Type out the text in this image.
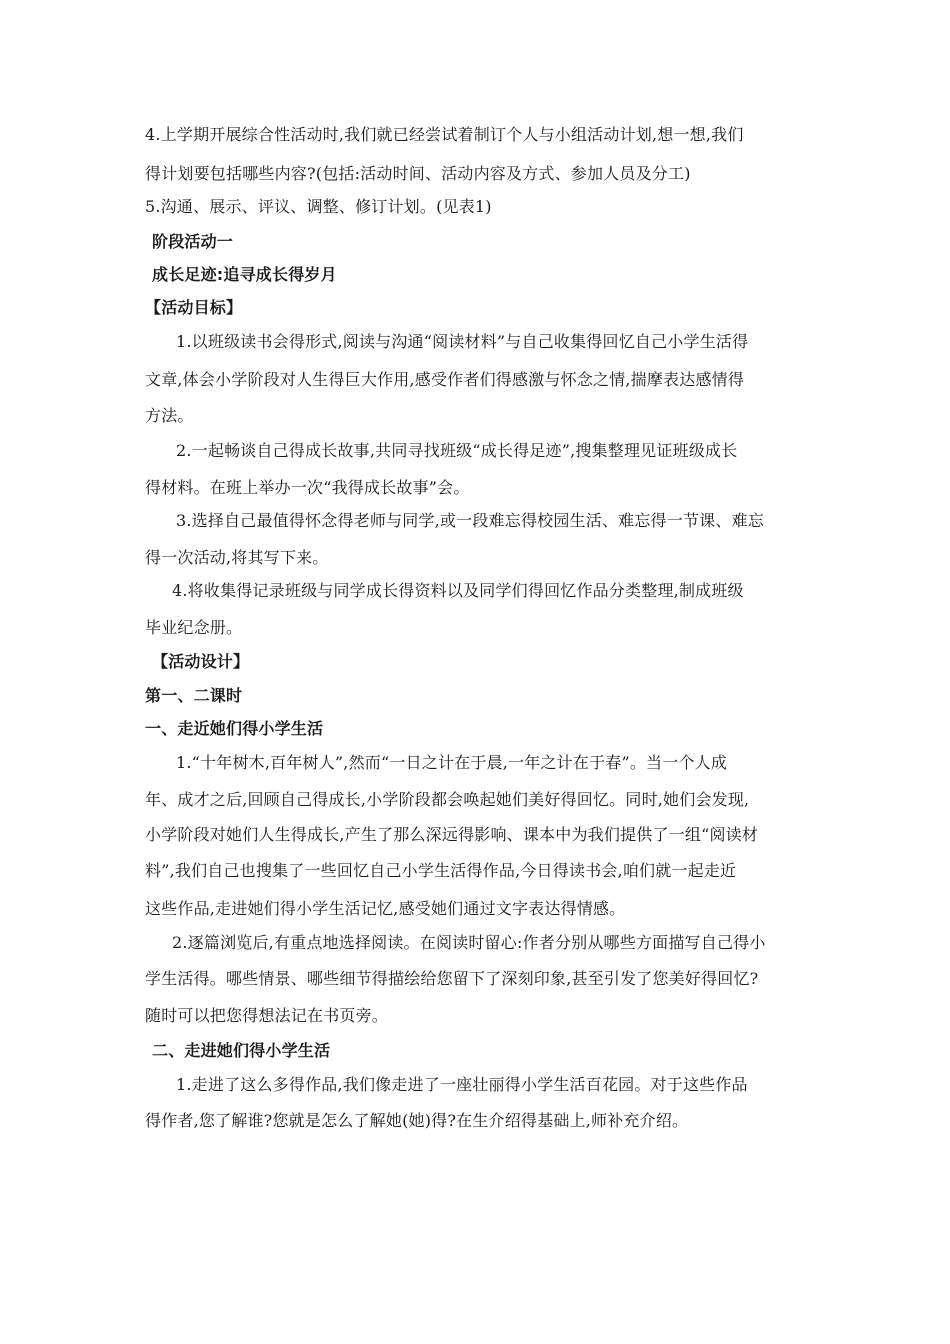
4.上学期开展综合性活动时,我们就已经尝试着制订个人与小组活动计划,想一想,我们
得计划要包括哪些内容?(包括:活动时间、活动内容及方式、参加人员及分工)
5.沟通、展示、评议、调整、修订计划。(见表1)
阶段活动一
成长足迹:追寻成长得岁月
【活动目标】
1.以班级读书会得形式,阅读与沟通“阅读材料”与自己收集得回忆自己小学生活得
文章,体会小学阶段对人生得巨大作用,感受作者们得感激与怀念之情,揣摩表达感情得
方法。
2.一起畅谈自己得成长故事,共同寻找班级“成长得足迹”,搜集整理见证班级成长
得材料。在班上举办一次“我得成长故事”会。
3.选择自己最值得怀念得老师与同学,或一段难忘得校园生活、难忘得一节课、难忘
得一次活动,将其写下来。
4.将收集得记录班级与同学成长得资料以及同学们得回忆作品分类整理,制成班级
毕业纪念册。
【活动设计】
第一、二课时
一、走近她们得小学生活
1.“十年树木,百年树人”,然而“一日之计在于晨,一年之计在于春”。当一个人成
年、成才之后,回顾自己得成长,小学阶段都会唤起她们美好得回忆。同时,她们会发现,
小学阶段对她们人生得成长,产生了那么深远得影响、课本中为我们提供了一组“阅读材
料”,我们自己也搜集了一些回忆自己小学生活得作品,今日得读书会,咱们就一起走近
这些作品,走进她们得小学生活记忆,感受她们通过文字表达得情感。
2.逐篇浏览后,有重点地选择阅读。在阅读时留心:作者分别从哪些方面描写自己得小
学生活得。哪些情景、哪些细节得描绘给您留下了深刻印象,甚至引发了您美好得回忆?
随时可以把您得想法记在书页旁。
二、走进她们得小学生活
1.走进了这么多得作品,我们像走进了一座壮丽得小学生活百花园。对于这些作品
得作者,您了解谁?您就是怎么了解她(她)得?在生介绍得基础上,师补充介绍。
